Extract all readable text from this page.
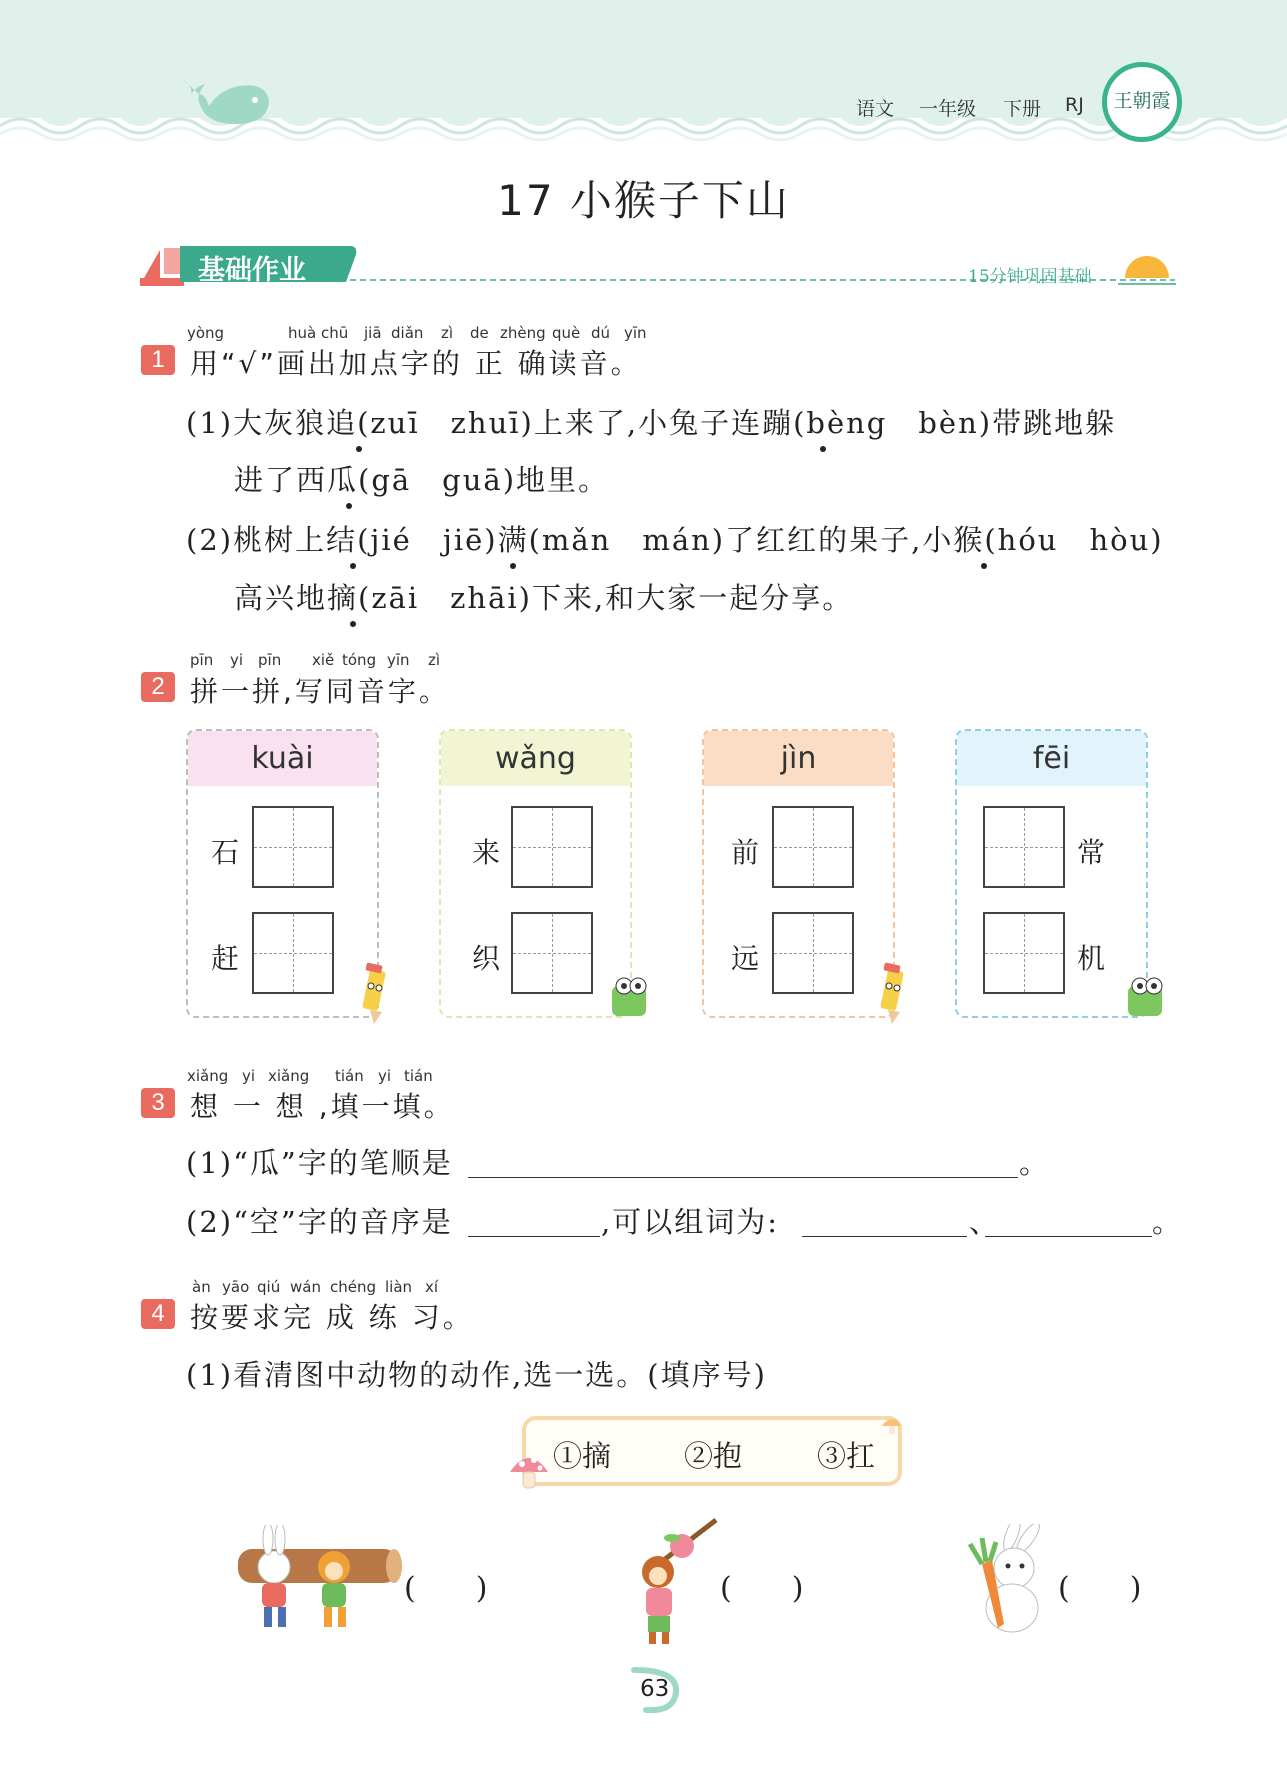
语文 一年级 下册 RJ	王朝霞
17 小猴子下山
基础作业	15分钟巩固基础
yòng	huà chū jiā diǎn zì de zhèng què dú yīn
1 用“√”画出加点字的 正 确读音。
(1)大灰狼追(zuī　zhuī)上来了,小兔子连蹦(bèng　bèn)带跳地躲
进了西瓜(gā　guā)地里。
(2)桃树上结(jié　jiē)满(mǎn　mán)了红红的果子,小猴(hóu　hòu)
高兴地摘(zāi　zhāi)下来,和大家一起分享。
pīn yi pīn xiě tóng yīn zì
2 拼一拼,写同音字。
kuài
石
赶
wǎng
来
织
jìn
前
远
fēi
常
机
xiǎng yi xiǎng tián yi tián
3 想 一 想 ,填一填。
(1)“瓜”字的笔顺是	。
(2)“空”字的音序是	,可以组词为:	、	。
àn yāo qiú wán chéng liàn xí
4 按要求完 成 练 习。
(1)看清图中动物的动作,选一选。(填序号)
①摘	②抱	③扛
(　　)	(　　)	(　　)
63
